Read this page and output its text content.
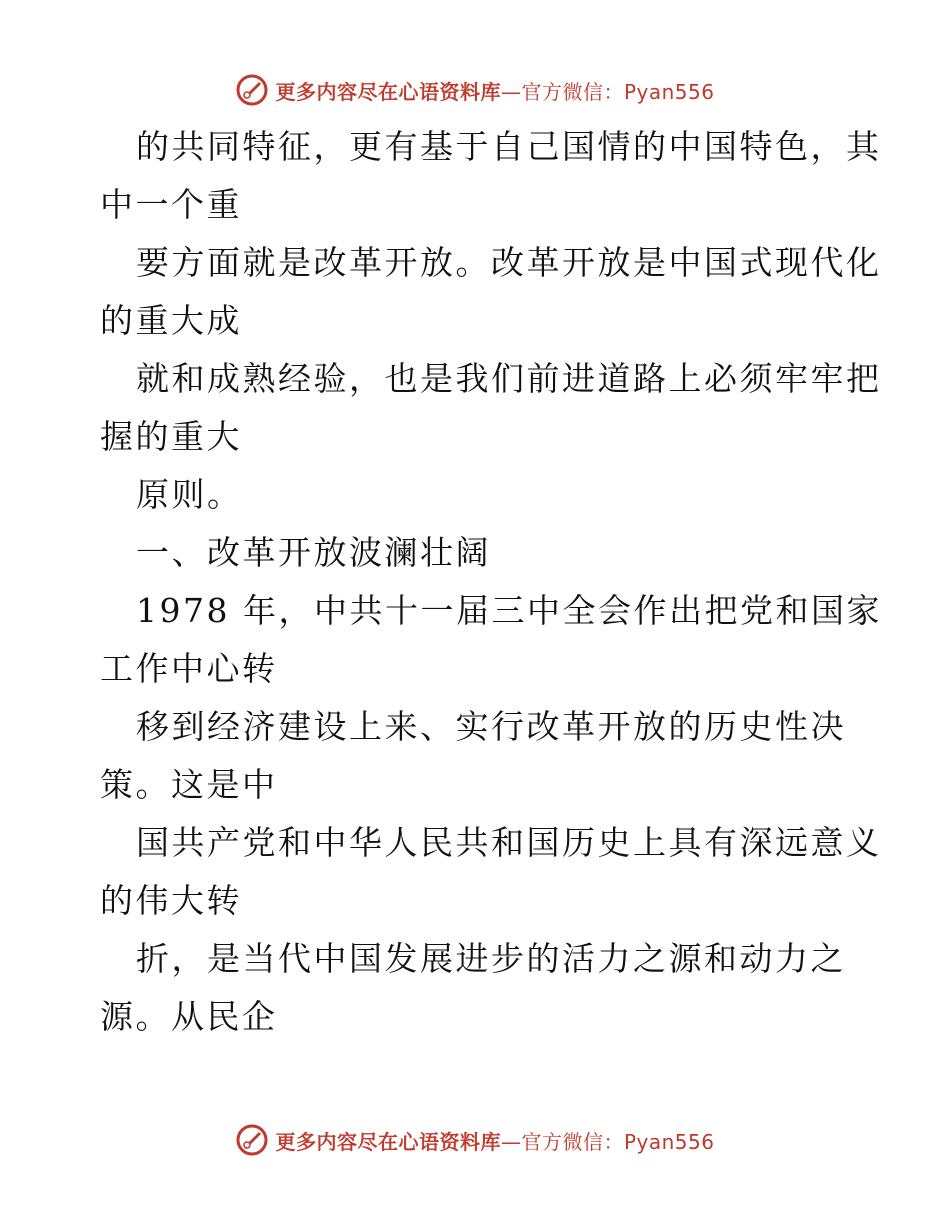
更多内容尽在心语资料库—官方微信：Pyan556
的共同特征，更有基于自己国情的中国特色，其
中一个重
要方面就是改革开放。改革开放是中国式现代化
的重大成
就和成熟经验，也是我们前进道路上必须牢牢把
握的重大
原则。
一、改革开放波澜壮阔
1978 年，中共十一届三中全会作出把党和国家
工作中心转
移到经济建设上来、实行改革开放的历史性决
策。这是中
国共产党和中华人民共和国历史上具有深远意义
的伟大转
折，是当代中国发展进步的活力之源和动力之
源。从民企
更多内容尽在心语资料库—官方微信：Pyan556
